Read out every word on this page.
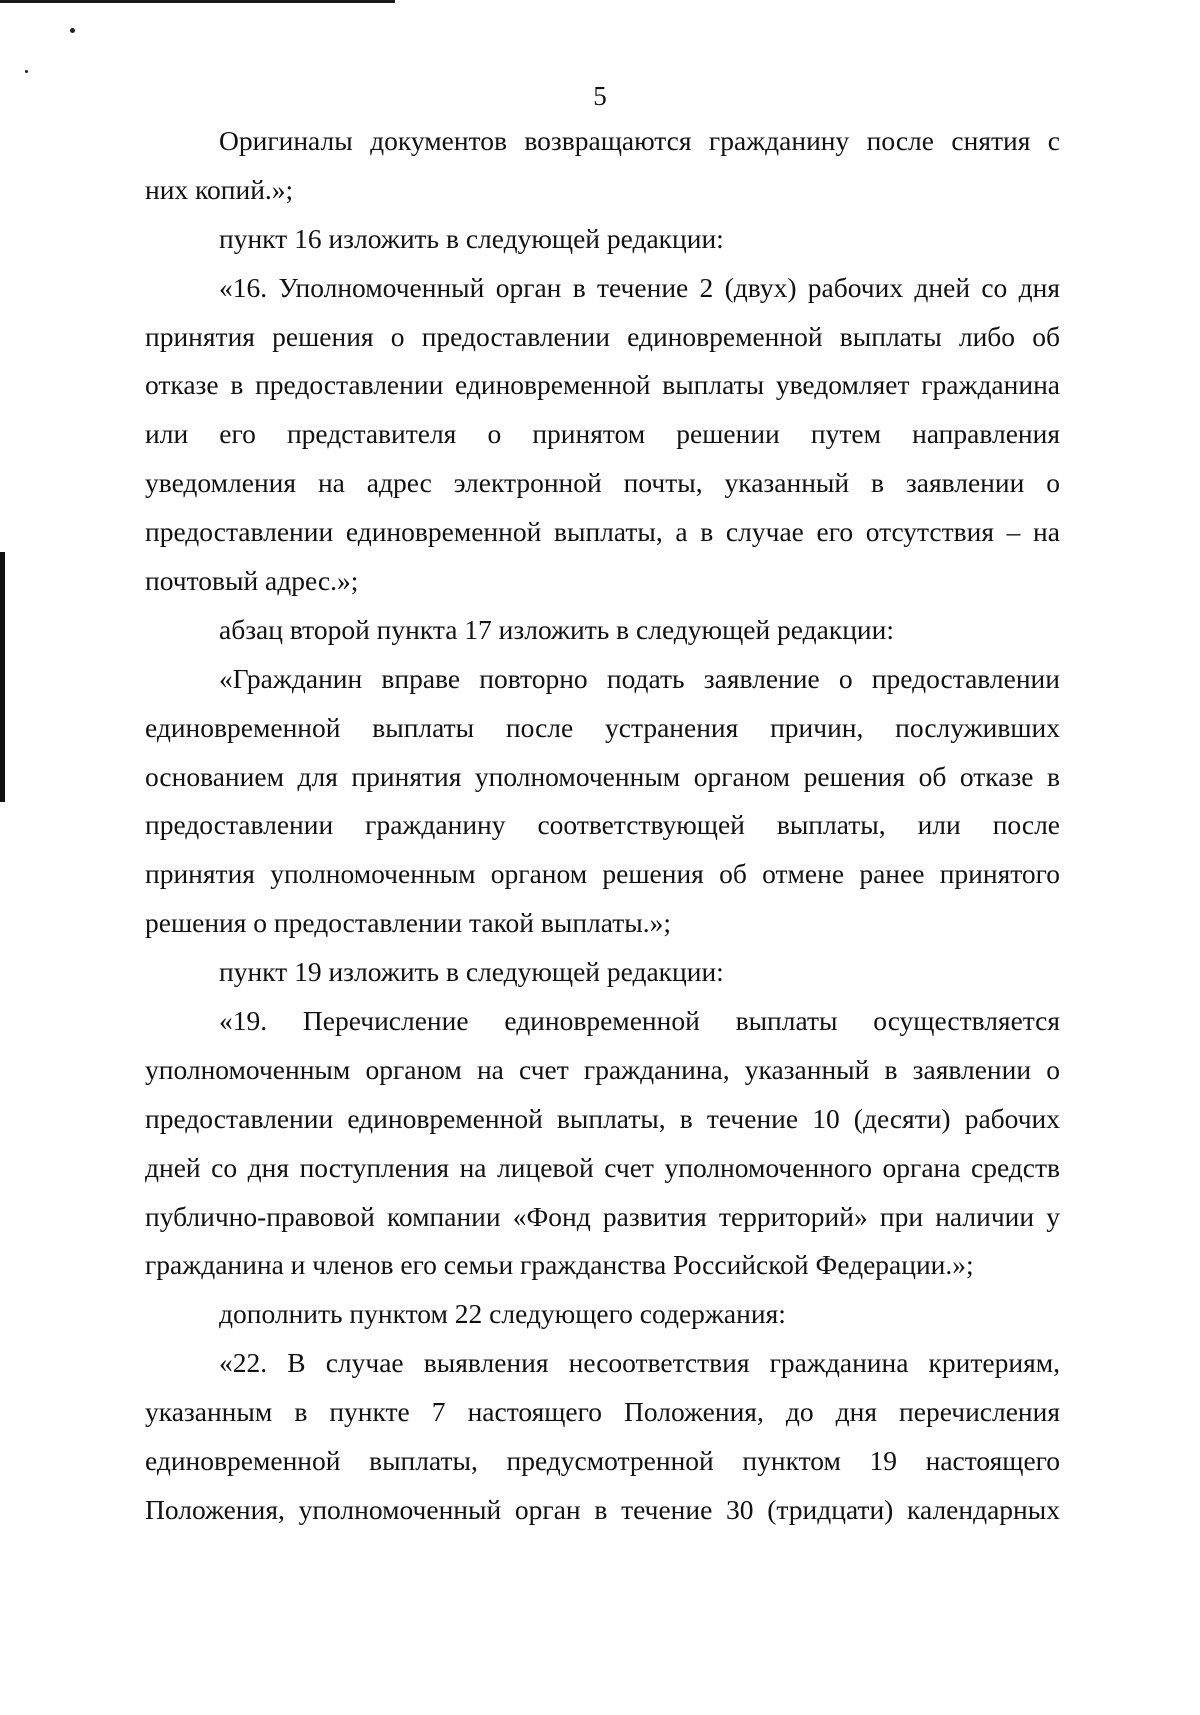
5
Оригиналы документов возвращаются гражданину после снятия с
них копий.»;
пункт 16 изложить в следующей редакции:
«16. Уполномоченный орган в течение 2 (двух) рабочих дней со дня
принятия решения о предоставлении единовременной выплаты либо об
отказе в предоставлении единовременной выплаты уведомляет гражданина
или его представителя о принятом решении путем направления
уведомления на адрес электронной почты, указанный в заявлении о
предоставлении единовременной выплаты, а в случае его отсутствия – на
почтовый адрес.»;
абзац второй пункта 17 изложить в следующей редакции:
«Гражданин вправе повторно подать заявление о предоставлении
единовременной выплаты после устранения причин, послуживших
основанием для принятия уполномоченным органом решения об отказе в
предоставлении гражданину соответствующей выплаты, или после
принятия уполномоченным органом решения об отмене ранее принятого
решения о предоставлении такой выплаты.»;
пункт 19 изложить в следующей редакции:
«19. Перечисление единовременной выплаты осуществляется
уполномоченным органом на счет гражданина, указанный в заявлении о
предоставлении единовременной выплаты, в течение 10 (десяти) рабочих
дней со дня поступления на лицевой счет уполномоченного органа средств
публично-правовой компании «Фонд развития территорий» при наличии у
гражданина и членов его семьи гражданства Российской Федерации.»;
дополнить пунктом 22 следующего содержания:
«22. В случае выявления несоответствия гражданина критериям,
указанным в пункте 7 настоящего Положения, до дня перечисления
единовременной выплаты, предусмотренной пунктом 19 настоящего
Положения, уполномоченный орган в течение 30 (тридцати) календарных
